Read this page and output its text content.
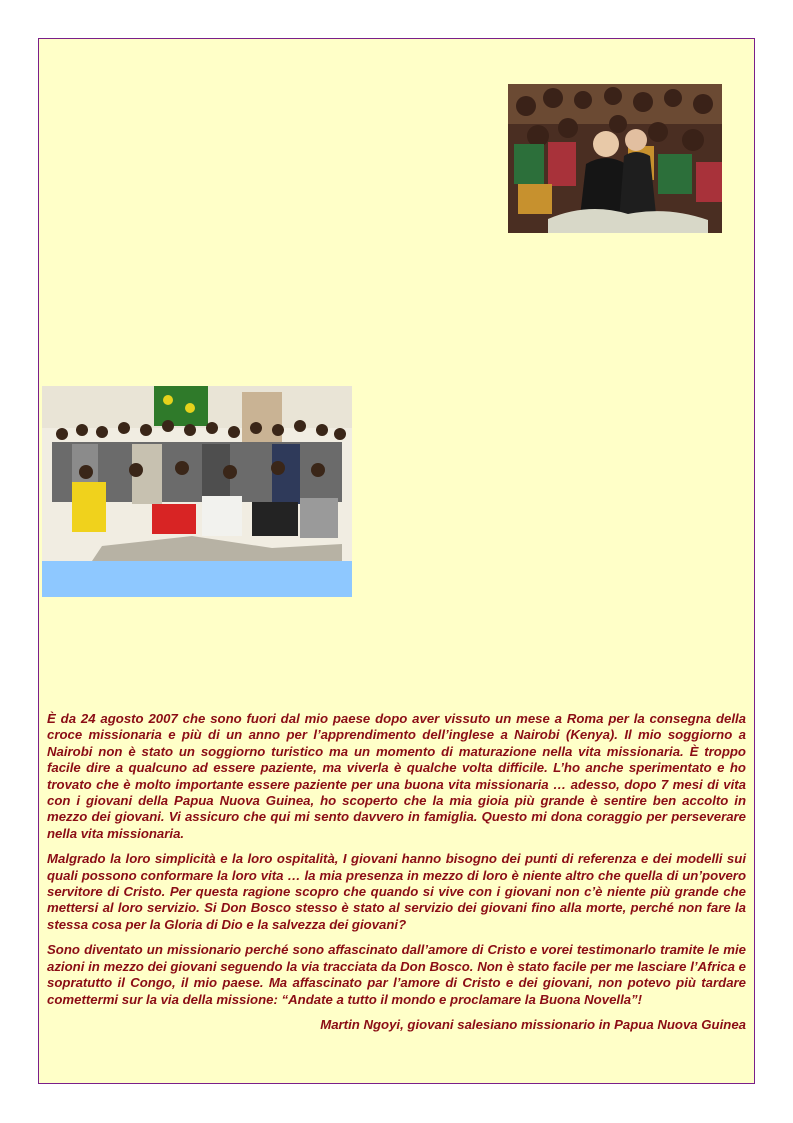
È da 24 agosto 2007 che sono fuori dal mio paese dopo aver vissuto un mese a Roma per la consegna della croce missionaria e più di un anno per l’apprendimento dell’inglese a Nairobi (Kenya). Il mio soggiorno a Nairobi non è stato un soggiorno turistico ma un momento di maturazione nella vita missionaria. È troppo facile dire a qualcuno ad essere paziente, ma viverla è qualche volta difficile. L’ho anche sperimentato e ho trovato che è molto importante essere paziente per una buona vita missionaria … adesso, dopo 7 mesi di vita con i giovani della Papua Nuova Guinea, ho scoperto che la mia gioia più grande è sentire ben accolto in mezzo dei giovani. Vi assicuro che qui mi sento davvero in famiglia. Questo mi dona coraggio per perseverare nella vita missionaria.

Malgrado la loro simplicità e la loro ospitalità, I giovani hanno bisogno dei punti di referenza e dei modelli sui quali possono conformare la loro vita … la mia presenza in mezzo di loro è niente altro che quella di un’povero servitore di Cristo. Per questa ragione scopro che quando si vive con i giovani non c’è niente più grande che mettersi al loro servizio. Si Don Bosco stesso è stato al servizio dei giovani fino alla morte, perché non fare la stessa cosa per la Gloria di Dio e la salvezza dei giovani?

Sono diventato un missionario perché sono affascinato dall’amore di Cristo e vorei testimonarlo tramite le mie azioni in mezzo dei giovani seguendo la via tracciata da Don Bosco. Non è stato facile per me lasciare l’Africa e sopratutto il Congo, il mio paese. Ma affascinato par l’amore di Cristo e dei giovani, non potevo più tardare comettermi sur la via della missione: “Andate a tutto il mondo e proclamare la Buona Novella”!

Martin Ngoyi, giovani salesiano missionario in Papua Nuova Guinea
